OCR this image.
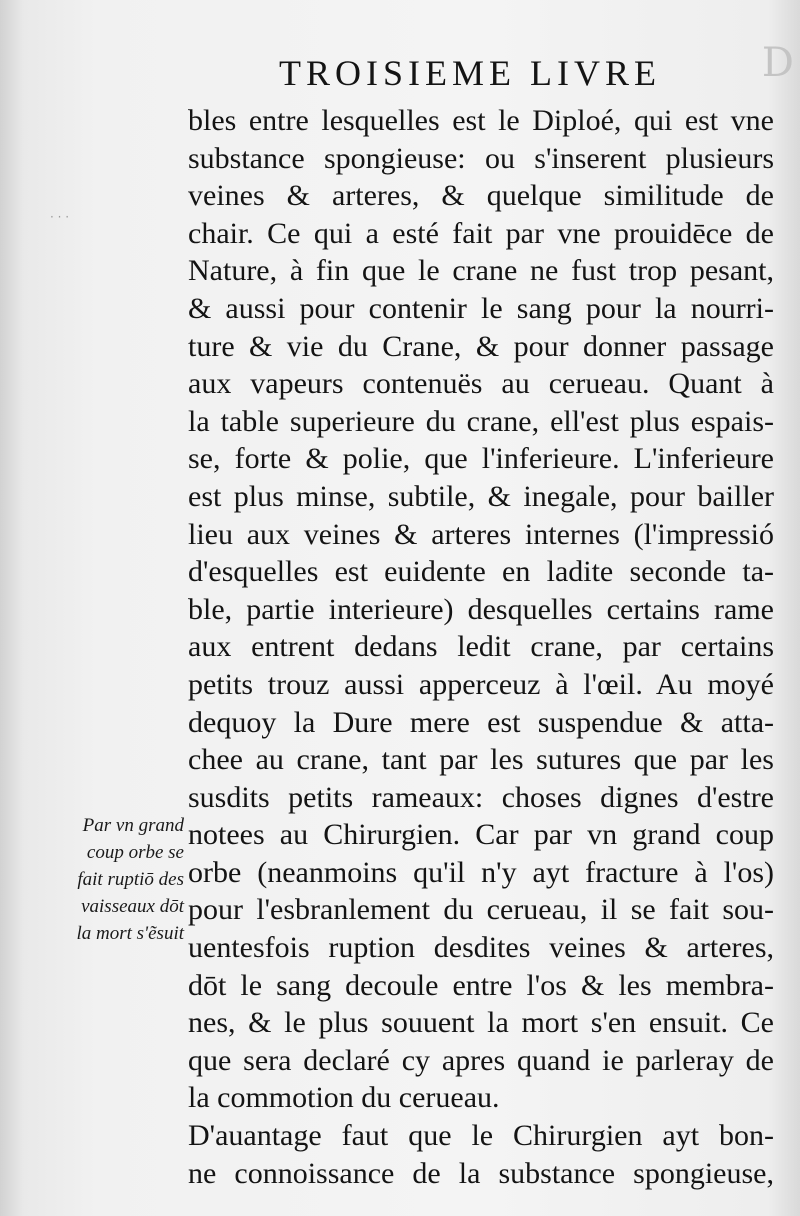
D
· · ·
TROISIEME LIVRE
bles entre lesquelles est le Diploé, qui est vne
substance spongieuse: ou s'inserent plusieurs
veines & arteres, & quelque similitude de
chair. Ce qui a esté fait par vne prouidēce de
Nature, à fin que le crane ne fust trop pesant,
& aussi pour contenir le sang pour la nourri-
ture & vie du Crane, & pour donner passage
aux vapeurs contenuës au cerueau. Quant à
la table superieure du crane, ell'est plus espais-
se, forte & polie, que l'inferieure. L'inferieure
est plus minse, subtile, & inegale, pour bailler
lieu aux veines & arteres internes (l'impressió
d'esquelles est euidente en ladite seconde ta-
ble, partie interieure) desquelles certains rame
aux entrent dedans ledit crane, par certains
petits trouz aussi apperceuz à l'œil. Au moyé
dequoy la Dure mere est suspendue & atta-
chee au crane, tant par les sutures que par les
susdits petits rameaux: choses dignes d'estre
notees au Chirurgien. Car par vn grand coup
orbe (neanmoins qu'il n'y ayt fracture à l'os)
pour l'esbranlement du cerueau, il se fait sou-
uentesfois ruption desdites veines & arteres,
dōt le sang decoule entre l'os & les membra-
nes, & le plus souuent la mort s'en ensuit. Ce
que sera declaré cy apres quand ie parleray de
la commotion du cerueau.
D'auantage faut que le Chirurgien ayt bon-
ne connoissance de la substance spongieuse,
Par vn grand
coup orbe se
fait ruptiō des
vaisseaux dōt
la mort s'ẽsuit
